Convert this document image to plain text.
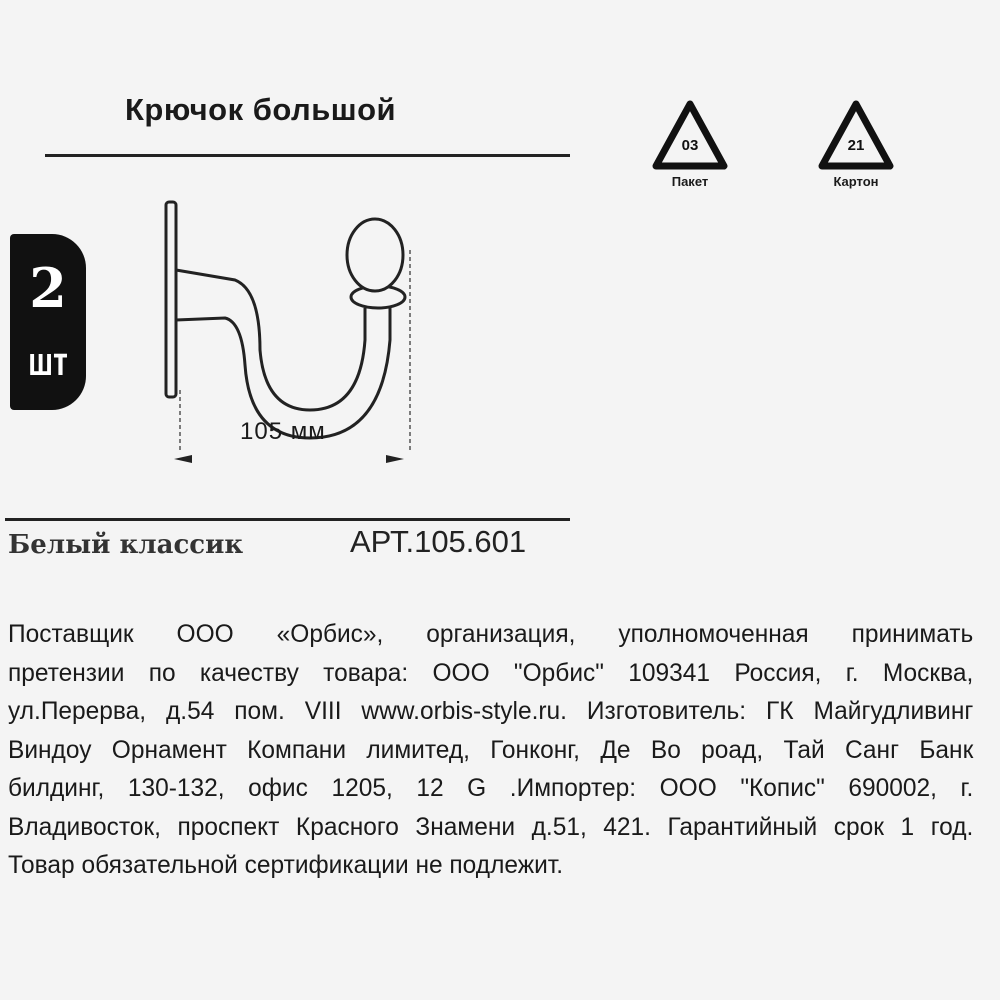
Крючок большой
2
шт
105 мм
03
Пакет
21
Картон
Белый классик	АРТ.105.601
Поставщик ООО «Орбис», организация, уполномоченная принимать
претензии по качеству товара: ООО "Орбис" 109341 Россия, г. Москва,
ул.Перерва, д.54 пом. VIII www.orbis-style.ru. Изготовитель: ГК Майгудливинг
Виндоу Орнамент Компани лимитед, Гонконг, Де Во роад, Тай Санг Банк
билдинг, 130-132, офис 1205, 12 G .Импортер: ООО "Копис" 690002, г.
Владивосток, проспект Красного Знамени д.51, 421. Гарантийный срок 1 год.
Товар обязательной сертификации не подлежит.
